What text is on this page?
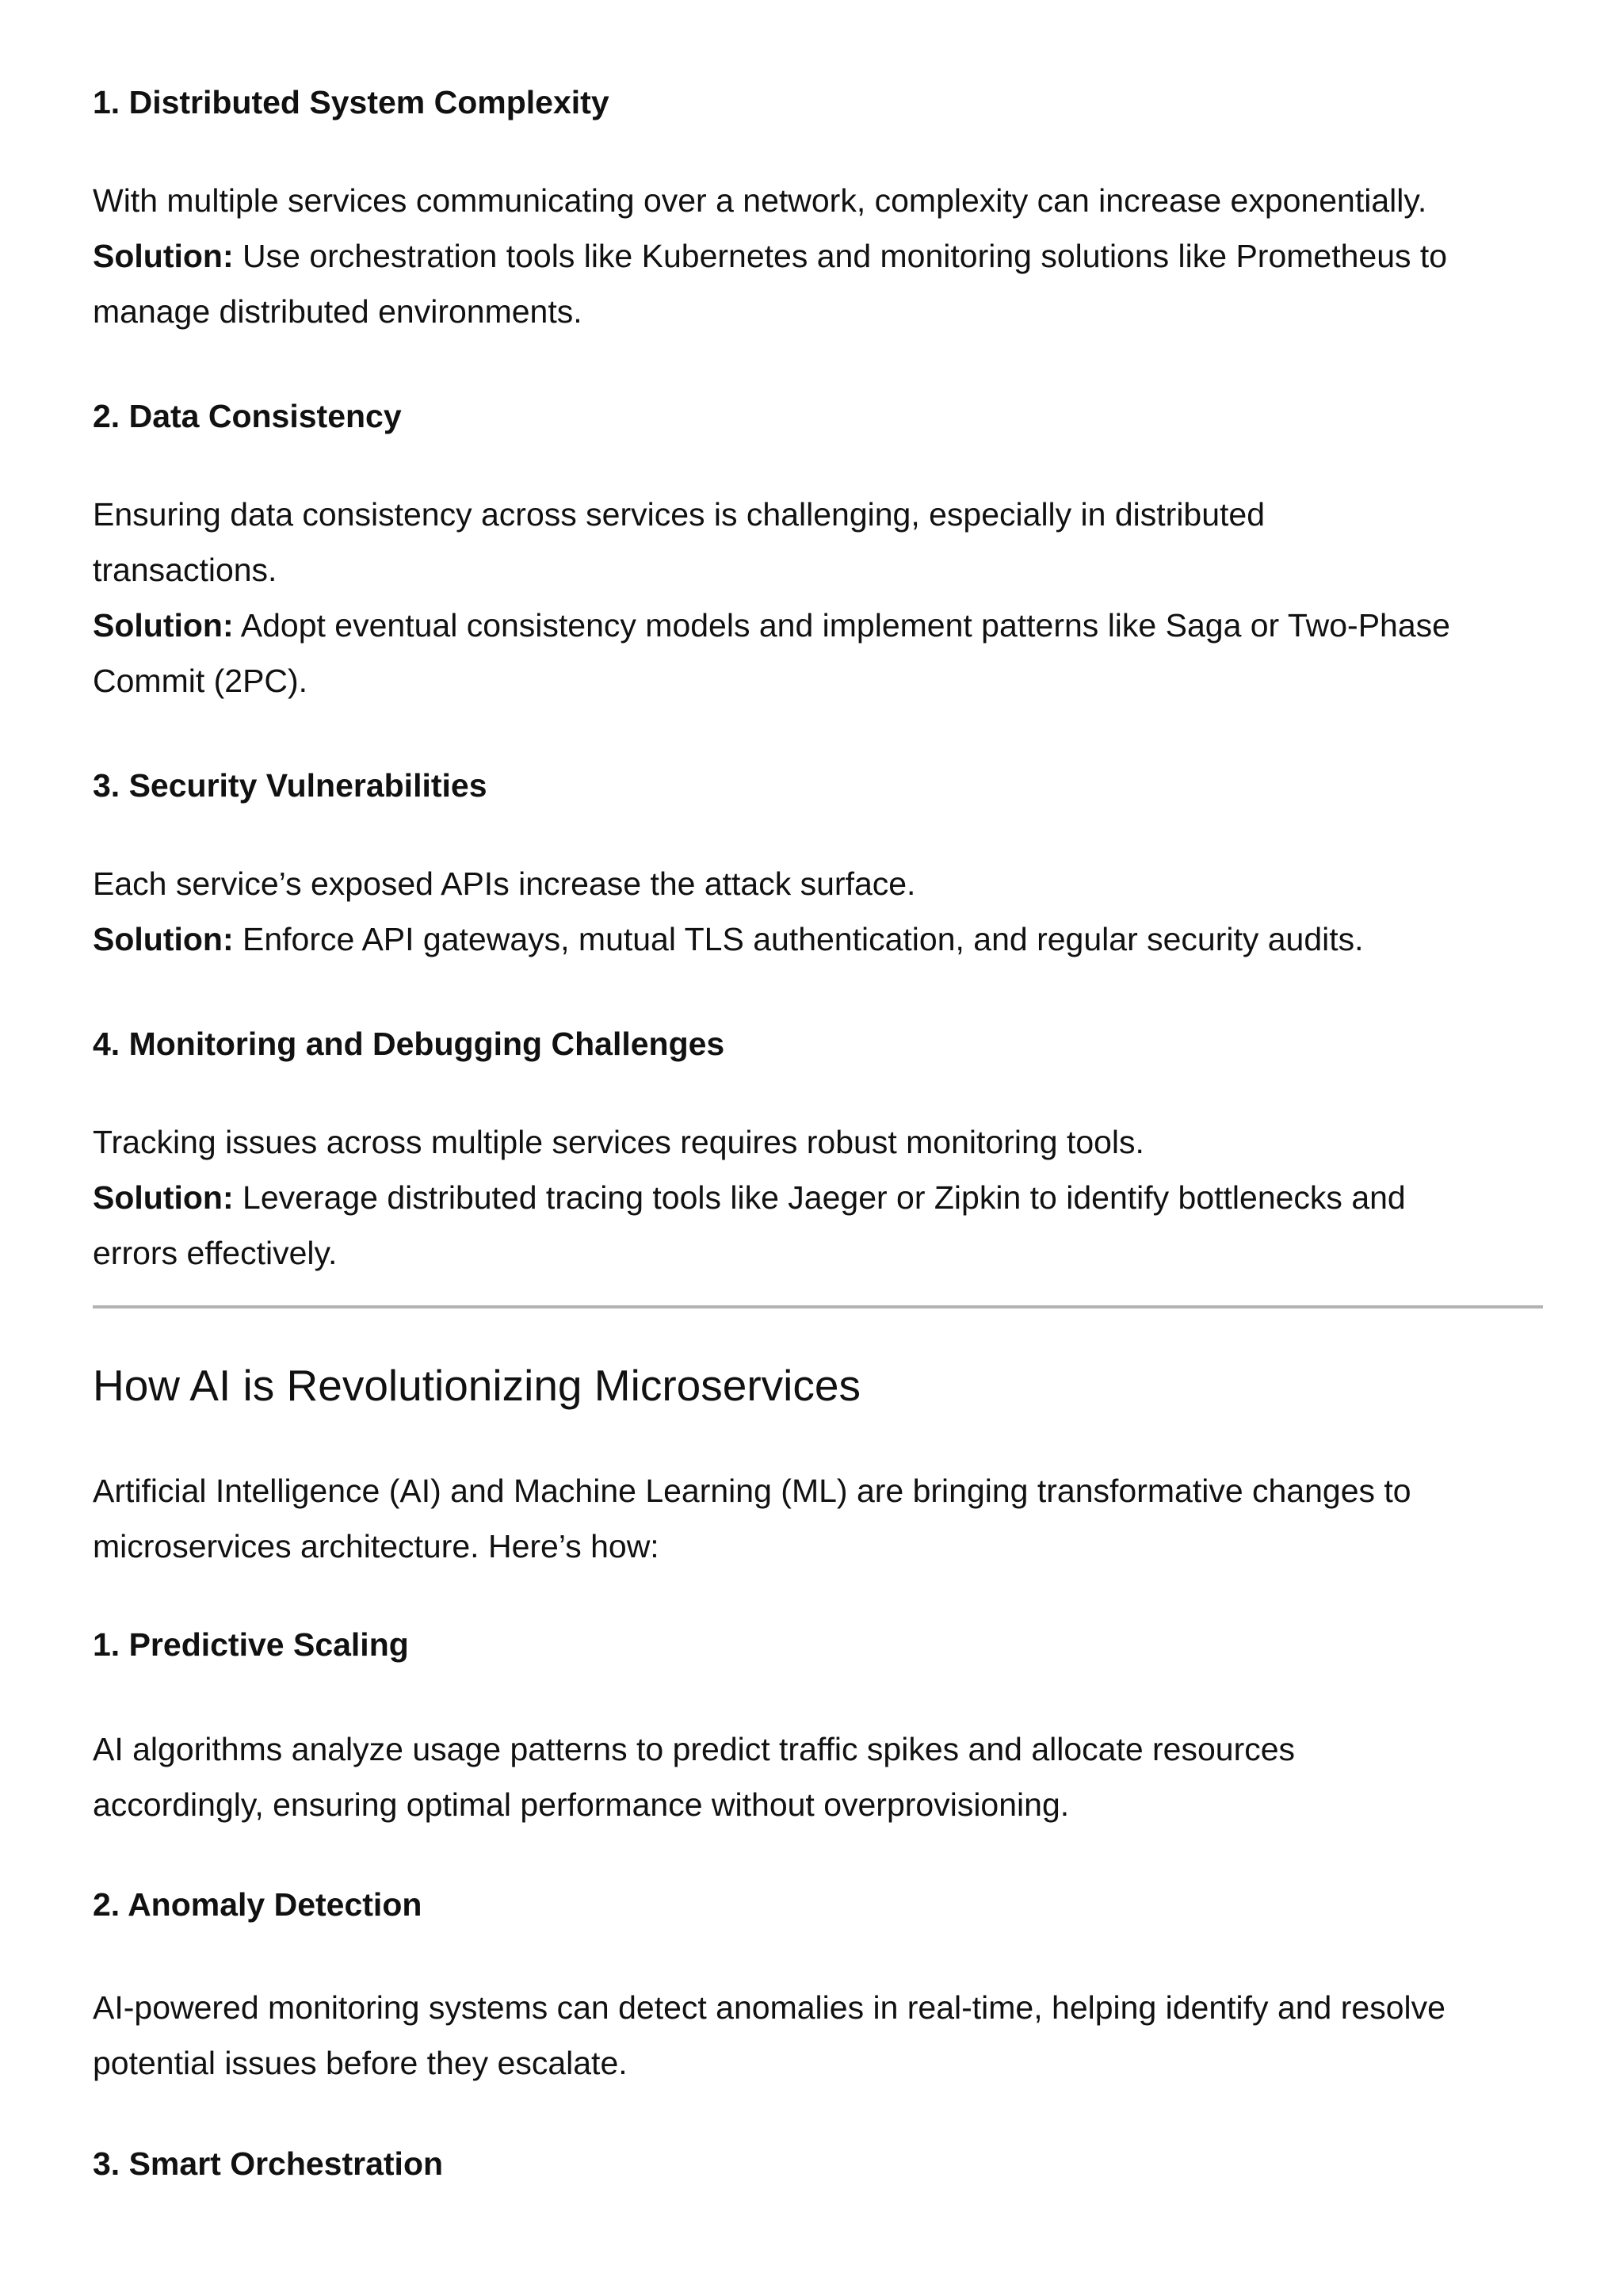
1. Distributed System Complexity

With multiple services communicating over a network, complexity can increase exponentially.
Solution: Use orchestration tools like Kubernetes and monitoring solutions like Prometheus to
manage distributed environments.

2. Data Consistency

Ensuring data consistency across services is challenging, especially in distributed
transactions.
Solution: Adopt eventual consistency models and implement patterns like Saga or Two-Phase
Commit (2PC).

3. Security Vulnerabilities

Each service’s exposed APIs increase the attack surface.
Solution: Enforce API gateways, mutual TLS authentication, and regular security audits.

4. Monitoring and Debugging Challenges

Tracking issues across multiple services requires robust monitoring tools.
Solution: Leverage distributed tracing tools like Jaeger or Zipkin to identify bottlenecks and
errors effectively.

How AI is Revolutionizing Microservices

Artificial Intelligence (AI) and Machine Learning (ML) are bringing transformative changes to
microservices architecture. Here’s how:

1. Predictive Scaling

AI algorithms analyze usage patterns to predict traffic spikes and allocate resources
accordingly, ensuring optimal performance without overprovisioning.

2. Anomaly Detection

AI-powered monitoring systems can detect anomalies in real-time, helping identify and resolve
potential issues before they escalate.

3. Smart Orchestration
